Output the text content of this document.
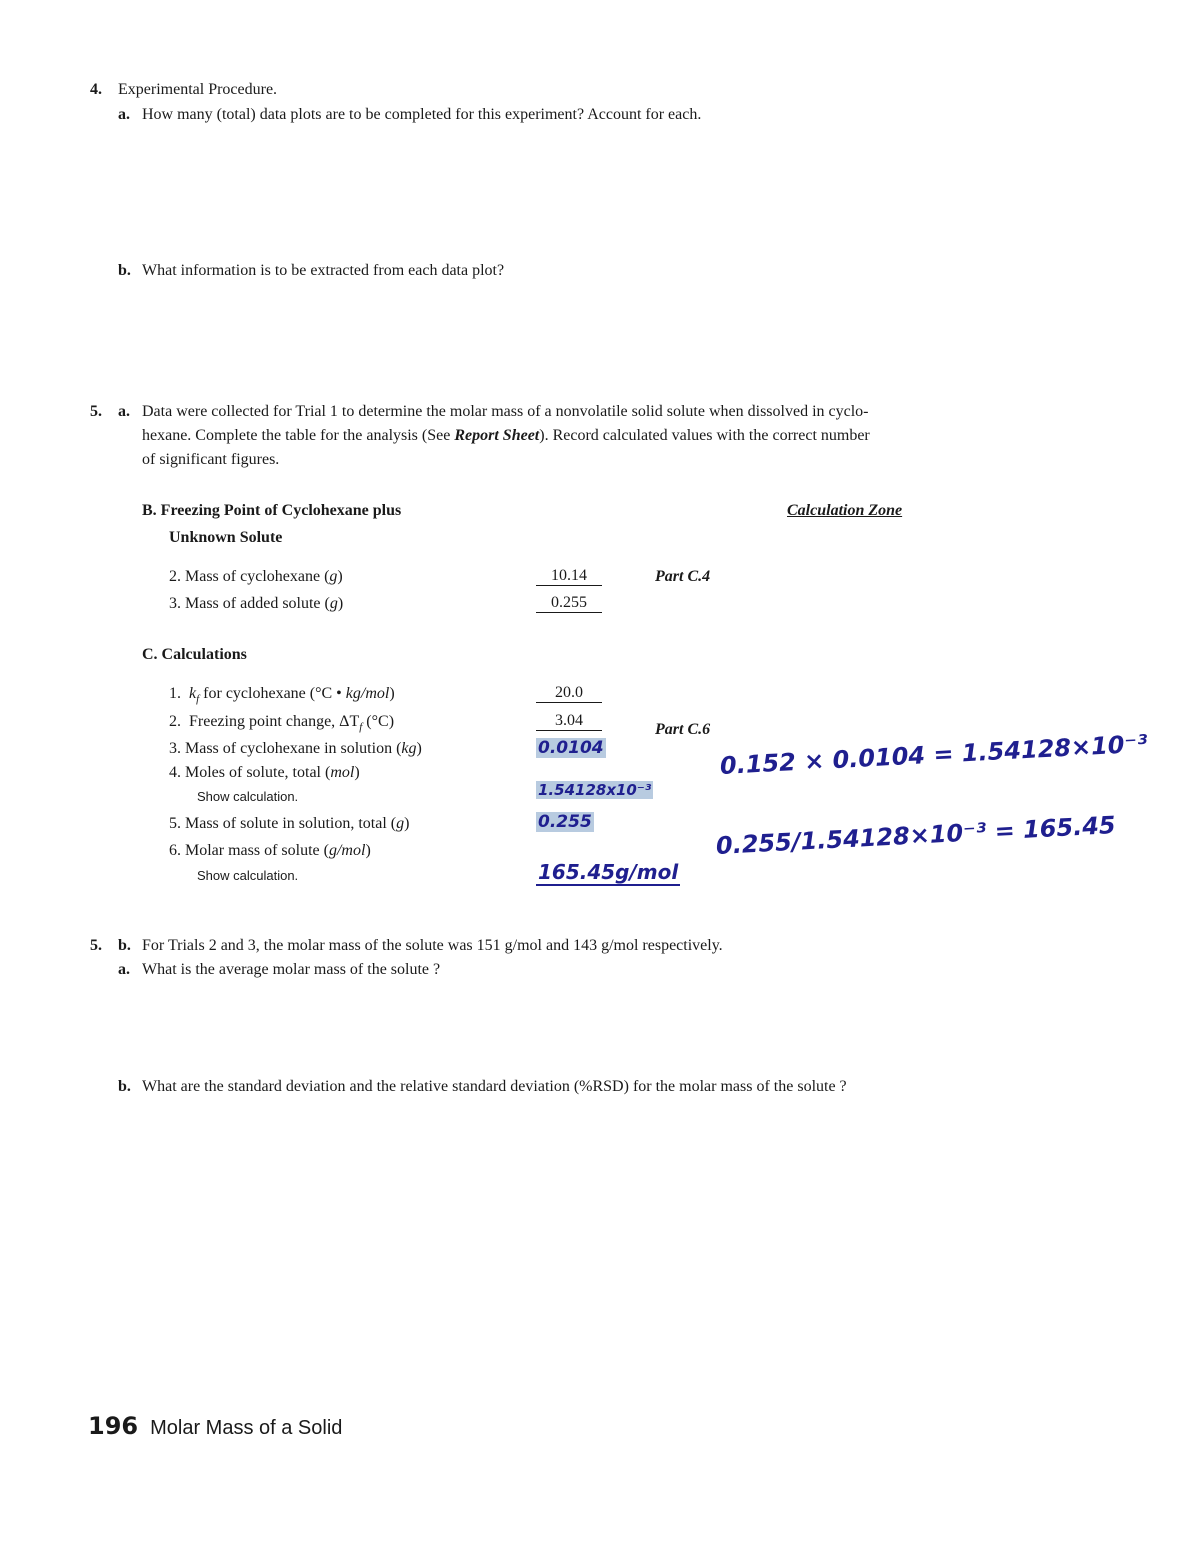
4. Experimental Procedure.
a. How many (total) data plots are to be completed for this experiment? Account for each.
b. What information is to be extracted from each data plot?
5. a. Data were collected for Trial 1 to determine the molar mass of a nonvolatile solid solute when dissolved in cyclo-
hexane. Complete the table for the analysis (See Report Sheet). Record calculated values with the correct number
of significant figures.
B. Freezing Point of Cyclohexane plus
Unknown Solute
Calculation Zone
2. Mass of cyclohexane (g)	10.14	Part C.4
3. Mass of added solute (g)	0.255
C. Calculations
1. $k_f$ for cyclohexane (°C • kg/mol)	20.0
2. Freezing point change, $\Delta T_f$ (°C)	3.04
Part C.6
3. Mass of cyclohexane in solution (kg)	0.0104
4. Moles of solute, total (mol)
Show calculation.	1.54128x10⁻³
5. Mass of solute in solution, total (g)	0.255
6. Molar mass of solute (g/mol)
Show calculation.	165.45g/mol
0.152 × 0.0104 = 1.54128×10⁻³
0.255/1.54128×10⁻³ = 165.45
5. b. For Trials 2 and 3, the molar mass of the solute was 151 g/mol and 143 g/mol respectively.
a. What is the average molar mass of the solute ?
b. What are the standard deviation and the relative standard deviation (%RSD) for the molar mass of the solute ?
196 Molar Mass of a Solid
